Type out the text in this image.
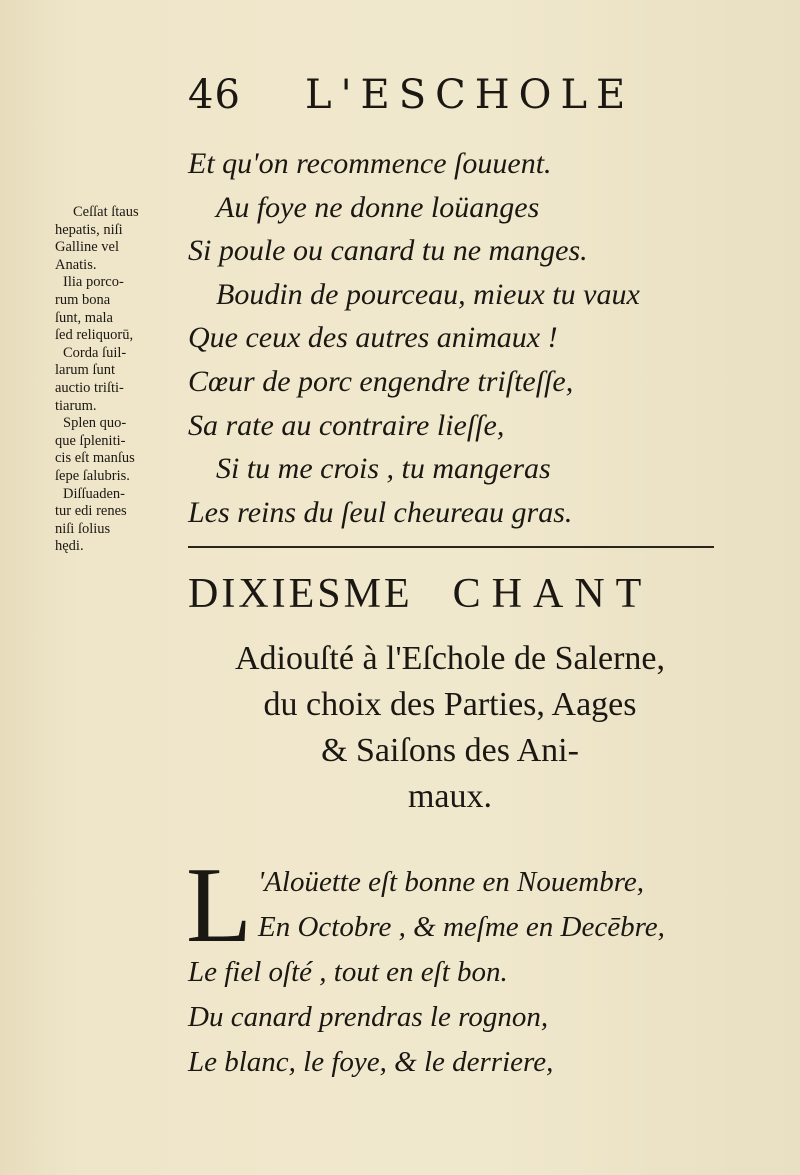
46 L'ESCHOLE
Ceſſat ſtaus
hepatis, niſi
Galline vel
Anatis.
Ilia porco-
rum bona
ſunt, mala
ſed reliquorū,
Corda ſuil-
larum ſunt
auctio triſti-
tiarum.
Splen quo-
que ſpleniti-
cis eſt manſus
ſepe ſalubris.
Diſſuaden-
tur edi renes
niſi ſolius
hędi.
Et qu'on recommence ſouuent.
Au foye ne donne loüanges
Si poule ou canard tu ne manges.
Boudin de pourceau, mieux tu vaux
Que ceux des autres animaux !
Cœur de porc engendre triſteſſe,
Sa rate au contraire lieſſe,
Si tu me crois , tu mangeras
Les reins du ſeul cheureau gras.
DIXIESME CHANT
Adiouſté à l'Eſchole de Salerne,
du choix des Parties, Aages
& Saiſons des Ani-
maux.
L 'Aloüette eſt bonne en Nouembre,
En Octobre , & meſme en Decēbre,
Le fiel oſté , tout en eſt bon.
Du canard prendras le rognon,
Le blanc, le foye, & le derriere,
